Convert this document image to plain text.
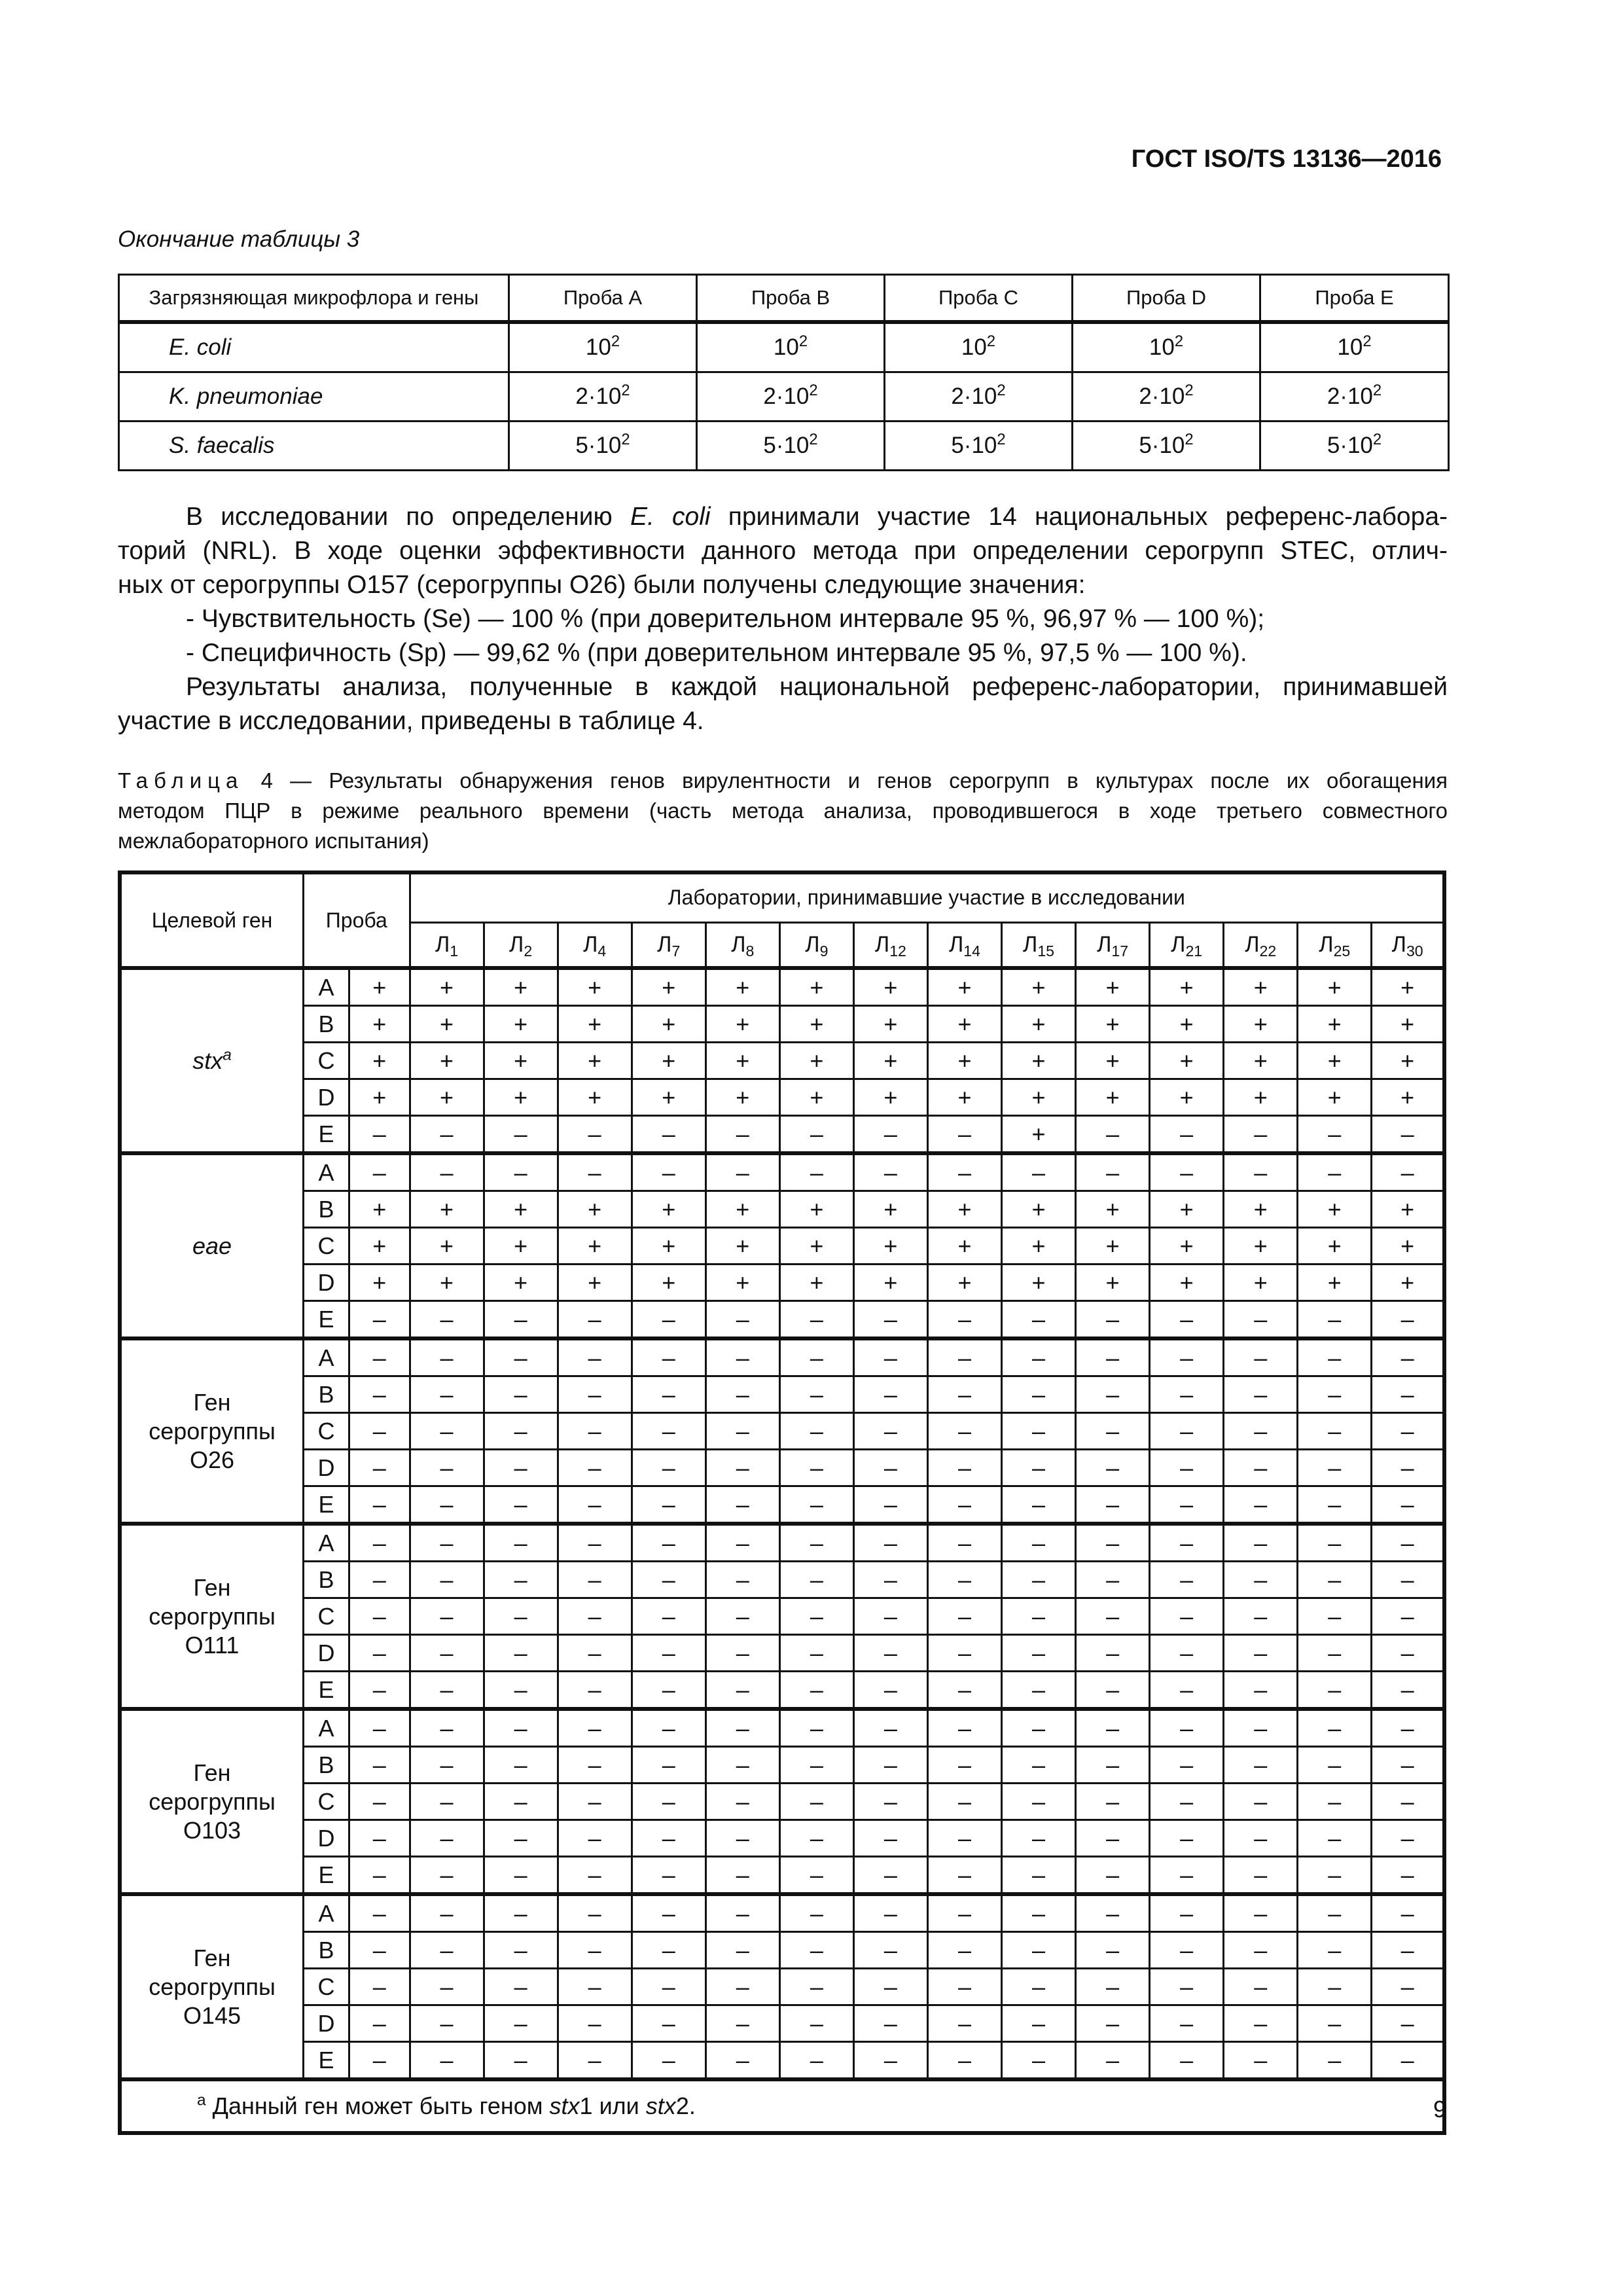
ГОСТ ISO/TS 13136—2016
Окончание таблицы 3
Загрязняющая микрофлора и гены	Проба А	Проба В	Проба С	Проба D	Проба Е
E. coli	$10^2$	$10^2$	$10^2$	$10^2$	$10^2$
K. pneumoniae	$2\cdot 10^2$	$2\cdot 10^2$	$2\cdot 10^2$	$2\cdot 10^2$	$2\cdot 10^2$
S. faecalis	$5\cdot 10^2$	$5\cdot 10^2$	$5\cdot 10^2$	$5\cdot 10^2$	$5\cdot 10^2$

В исследовании по определению E. coli принимали участие 14 национальных референс-лабора-

торий (NRL). В ходе оценки эффективности данного метода при определении серогрупп STEC, отлич-

ных от серогруппы О157 (серогруппы О26) были получены следующие значения:

- Чувствительность (Se) — 100 % (при доверительном интервале 95 %, 96,97 % — 100 %);

- Специфичность (Sp) — 99,62 % (при доверительном интервале 95 %, 97,5 % — 100 %).

Результаты анализа, полученные в каждой национальной референс-лаборатории, принимавшей

участие в исследовании, приведены в таблице 4.

Таблица 4 — Результаты обнаружения генов вирулентности и генов серогрупп в культурах после их обогащения

методом ПЦР в режиме реального времени (часть метода анализа, проводившегося в ходе третьего совместного

межлабораторного испытания)

Целевой ген	Проба		Лаборатории, принимавшие участие в исследовании													
			$Л_1$	$Л_2$	$Л_4$	$Л_7$	$Л_8$	$Л_9$	$Л_{12}$	$Л_{14}$	$Л_{15}$	$Л_{17}$	$Л_{21}$	$Л_{22}$	$Л_{25}$	$Л_{30}$
stx$^a$	A	+	+	+	+	+	+	+	+	+	+	+	+	+	+	+
	B	+	+	+	+	+	+	+	+	+	+	+	+	+	+	+
	C	+	+	+	+	+	+	+	+	+	+	+	+	+	+	+
	D	+	+	+	+	+	+	+	+	+	+	+	+	+	+	+
	E	–	–	–	–	–	–	–	–	–	+	–	–	–	–	–
eae	A	–	–	–	–	–	–	–	–	–	–	–	–	–	–	–
	B	+	+	+	+	+	+	+	+	+	+	+	+	+	+	+
	C	+	+	+	+	+	+	+	+	+	+	+	+	+	+	+
	D	+	+	+	+	+	+	+	+	+	+	+	+	+	+	+
	E	–	–	–	–	–	–	–	–	–	–	–	–	–	–	–

Ген
серогруппы
O26	A	–	–	–	–	–	–	–	–	–	–	–	–	–	–	–
	B	–	–	–	–	–	–	–	–	–	–	–	–	–	–	–
	C	–	–	–	–	–	–	–	–	–	–	–	–	–	–	–
	D	–	–	–	–	–	–	–	–	–	–	–	–	–	–	–
	E	–	–	–	–	–	–	–	–	–	–	–	–	–	–	–

Ген
серогруппы
O111	A	–	–	–	–	–	–	–	–	–	–	–	–	–	–	–
	B	–	–	–	–	–	–	–	–	–	–	–	–	–	–	–
	C	–	–	–	–	–	–	–	–	–	–	–	–	–	–	–
	D	–	–	–	–	–	–	–	–	–	–	–	–	–	–	–
	E	–	–	–	–	–	–	–	–	–	–	–	–	–	–	–

Ген
серогруппы
O103	A	–	–	–	–	–	–	–	–	–	–	–	–	–	–	–
	B	–	–	–	–	–	–	–	–	–	–	–	–	–	–	–
	C	–	–	–	–	–	–	–	–	–	–	–	–	–	–	–
	D	–	–	–	–	–	–	–	–	–	–	–	–	–	–	–
	E	–	–	–	–	–	–	–	–	–	–	–	–	–	–	–

Ген
серогруппы
O145	A	–	–	–	–	–	–	–	–	–	–	–	–	–	–	–
	B	–	–	–	–	–	–	–	–	–	–	–	–	–	–	–
	C	–	–	–	–	–	–	–	–	–	–	–	–	–	–	–
	D	–	–	–	–	–	–	–	–	–	–	–	–	–	–	–
	E	–	–	–	–	–	–	–	–	–	–	–	–	–	–	–
$^a$ Данный ген может быть геном stx1 или stx2.																	9
